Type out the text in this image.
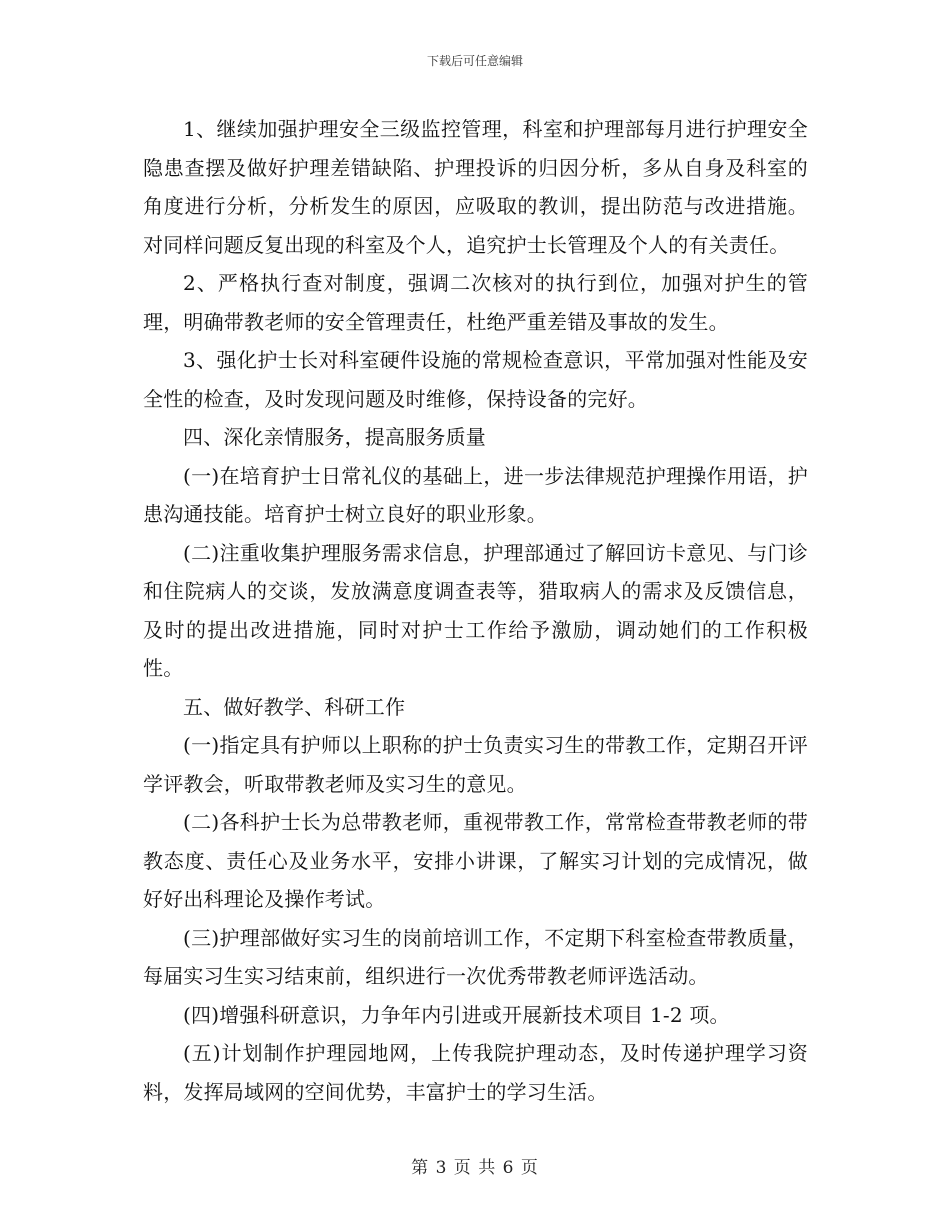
下载后可任意编辑

1、继续加强护理安全三级监控管理，科室和护理部每月进行护理安全隐患查摆及做好护理差错缺陷、护理投诉的归因分析，多从自身及科室的角度进行分析，分析发生的原因，应吸取的教训，提出防范与改进措施。对同样问题反复出现的科室及个人，追究护士长管理及个人的有关责任。

2、严格执行查对制度，强调二次核对的执行到位，加强对护生的管理，明确带教老师的安全管理责任，杜绝严重差错及事故的发生。

3、强化护士长对科室硬件设施的常规检查意识，平常加强对性能及安全性的检查，及时发现问题及时维修，保持设备的完好。

四、深化亲情服务，提高服务质量

(一)在培育护士日常礼仪的基础上，进一步法律规范护理操作用语，护患沟通技能。培育护士树立良好的职业形象。

(二)注重收集护理服务需求信息，护理部通过了解回访卡意见、与门诊和住院病人的交谈，发放满意度调查表等，猎取病人的需求及反馈信息，及时的提出改进措施，同时对护士工作给予激励，调动她们的工作积极性。

五、做好教学、科研工作

(一)指定具有护师以上职称的护士负责实习生的带教工作，定期召开评学评教会，听取带教老师及实习生的意见。

(二)各科护士长为总带教老师，重视带教工作，常常检查带教老师的带教态度、责任心及业务水平，安排小讲课，了解实习计划的完成情况，做好好出科理论及操作考试。

(三)护理部做好实习生的岗前培训工作，不定期下科室检查带教质量，每届实习生实习结束前，组织进行一次优秀带教老师评选活动。

(四)增强科研意识，力争年内引进或开展新技术项目 1-2 项。

(五)计划制作护理园地网，上传我院护理动态，及时传递护理学习资料，发挥局域网的空间优势，丰富护士的学习生活。

第 3 页 共 6 页
